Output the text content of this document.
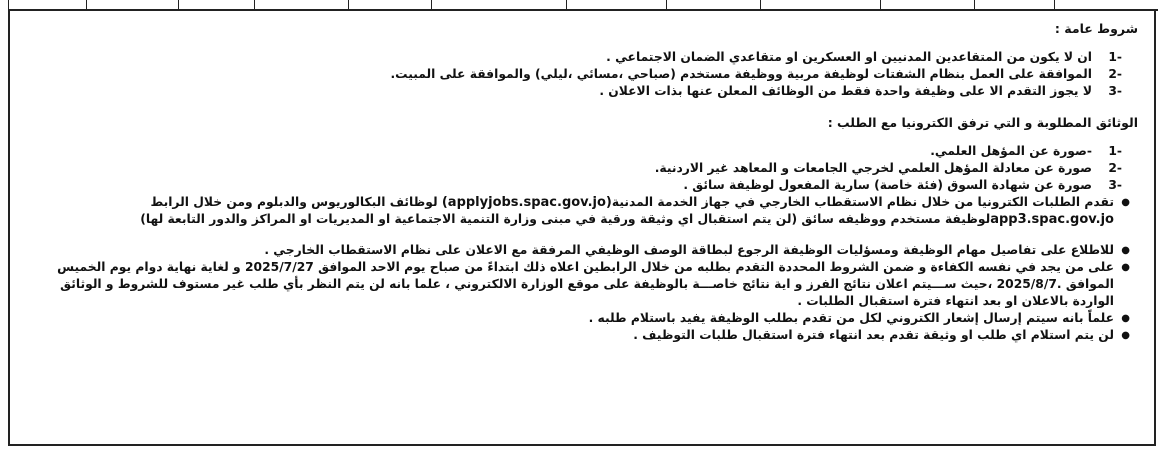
شروط عامة :

-1
ان لا يكون من المتقاعدين المدنيين او العسكرين او متقاعدي الضمان الاجتماعي .
-2
الموافقة على العمل بنظام الشفتات لوظيفة مربية ووظيفة مستخدم (صباحي ،مسائي ،ليلي) والموافقة على المبيت.
-3
لا يجوز التقدم الا على وظيفة واحدة فقط من الوظائف المعلن عنها بذات الاعلان .

الوثائق المطلوبة و التي ترفق الكترونيا مع الطلب :

-1
-صورة عن المؤهل العلمي.
-2
صورة عن معادلة المؤهل العلمي لخرجي الجامعات و المعاهد غير الاردنية.
-3
صورة عن شهادة السوق (فئة خاصة) سارية المفعول لوظيفة سائق .
●
تقدم الطلبات الكترونيا من خلال نظام الاستقطاب الخارجي في جهاز الخدمة المدنية(applyjobs.spac.gov.jo) لوظائف البكالوريوس والدبلوم ومن خلال الرابط
app3.spac.gov.joلوظيفة مستخدم ووظيفه سائق (لن يتم استقبال اي وثيقة ورقية في مبنى وزارة التنمية الاجتماعية او المديريات او المراكز والدور التابعة لها)
●
للاطلاع على تفاصيل مهام الوظيفة ومسؤليات الوظيفة الرجوع لبطاقة الوصف الوظيفي المرفقة مع الاعلان على نظام الاستقطاب الخارجي .
●
على من يجد في نفسه الكفاءة و ضمن الشروط المحددة التقدم بطلبه من خلال الرابطين اعلاه ذلك ابتداءً من صباح يوم الاحد الموافق 2025/7/27 و لغاية نهاية دوام يوم الخميس الموافق .2025/8/7 ،حيث ســـيتم اعلان نتائج الفرز و اية نتائج خاصـــة بالوظيفة على موقع الوزارة الالكتروني ، علما بانه لن يتم النظر بأي طلب غير مستوف للشروط و الوثائق الواردة بالاعلان او بعد انتهاء فترة استقبال الطلبات .
●
علماً بانه سيتم إرسال إشعار الكتروني لكل من تقدم بطلب الوظيفة يفيد باستلام طلبه .
●
لن يتم استلام اي طلب او وثيقة تقدم بعد انتهاء فترة استقبال طلبات التوظيف .
